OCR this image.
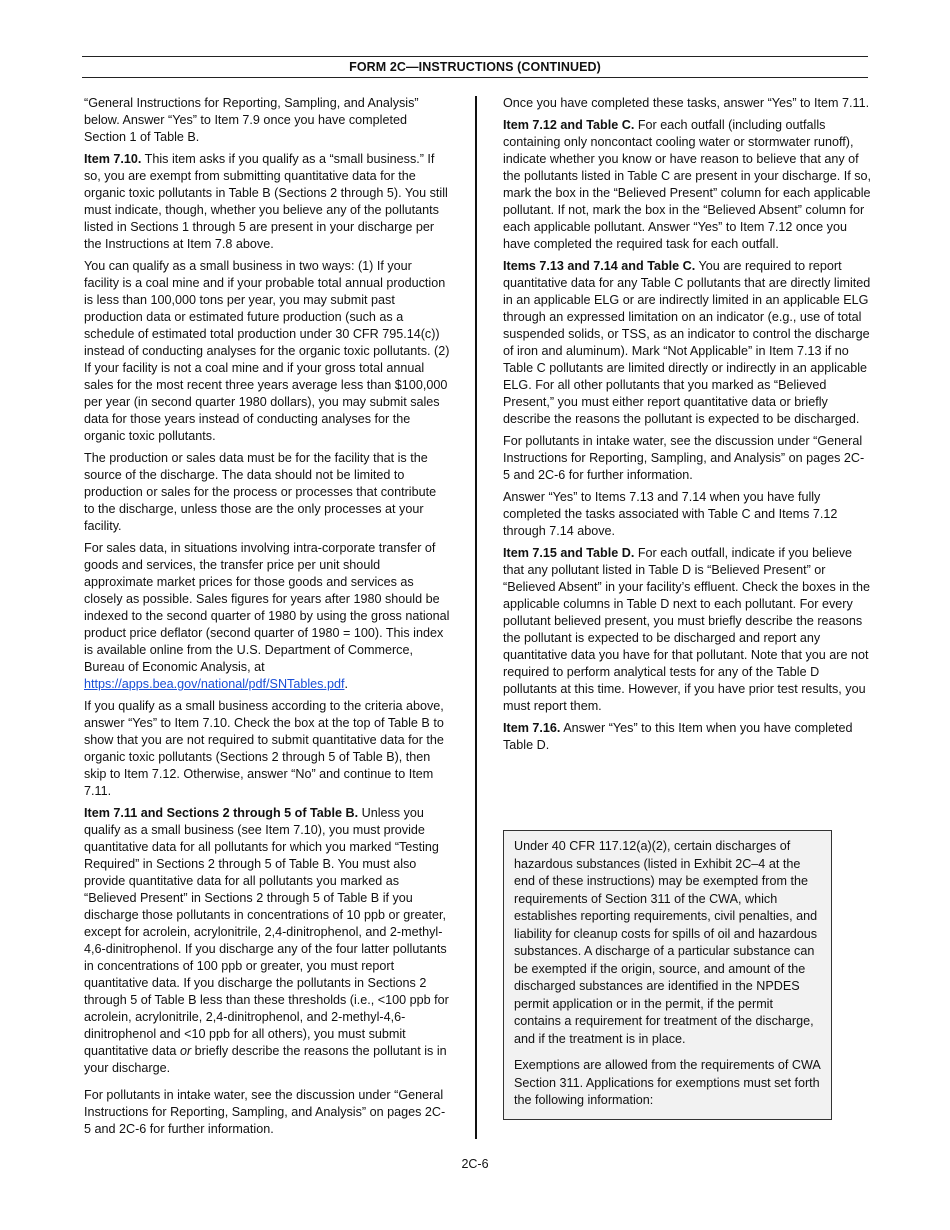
FORM 2C—INSTRUCTIONS (CONTINUED)

“General Instructions for Reporting, Sampling, and Analysis” below. Answer “Yes” to Item 7.9 once you have completed Section 1 of Table B.

Item 7.10. This item asks if you qualify as a “small business.” If so, you are exempt from submitting quantitative data for the organic toxic pollutants in Table B (Sections 2 through 5). You still must indicate, though, whether you believe any of the pollutants listed in Sections 1 through 5 are present in your discharge per the Instructions at Item 7.8 above.

You can qualify as a small business in two ways: (1) If your facility is a coal mine and if your probable total annual production is less than 100,000 tons per year, you may submit past production data or estimated future production (such as a schedule of estimated total production under 30 CFR 795.14(c)) instead of conducting analyses for the organic toxic pollutants. (2) If your facility is not a coal mine and if your gross total annual sales for the most recent three years average less than $100,000 per year (in second quarter 1980 dollars), you may submit sales data for those years instead of conducting analyses for the organic toxic pollutants.

The production or sales data must be for the facility that is the source of the discharge. The data should not be limited to production or sales for the process or processes that contribute to the discharge, unless those are the only processes at your facility.

For sales data, in situations involving intra-corporate transfer of goods and services, the transfer price per unit should approximate market prices for those goods and services as closely as possible. Sales figures for years after 1980 should be indexed to the second quarter of 1980 by using the gross national product price deflator (second quarter of 1980 = 100). This index is available online from the U.S. Department of Commerce, Bureau of Economic Analysis, at https://apps.bea.gov/national/pdf/SNTables.pdf.

If you qualify as a small business according to the criteria above, answer “Yes” to Item 7.10. Check the box at the top of Table B to show that you are not required to submit quantitative data for the organic toxic pollutants (Sections 2 through 5 of Table B), then skip to Item 7.12. Otherwise, answer “No” and continue to Item 7.11.

Item 7.11 and Sections 2 through 5 of Table B. Unless you qualify as a small business (see Item 7.10), you must provide quantitative data for all pollutants for which you marked “Testing Required” in Sections 2 through 5 of Table B. You must also provide quantitative data for all pollutants you marked as “Believed Present” in Sections 2 through 5 of Table B if you discharge those pollutants in concentrations of 10 ppb or greater, except for acrolein, acrylonitrile, 2,4-dinitrophenol, and 2-methyl-4,6-dinitrophenol. If you discharge any of the four latter pollutants in concentrations of 100 ppb or greater, you must report quantitative data. If you discharge the pollutants in Sections 2 through 5 of Table B less than these thresholds (i.e., <100 ppb for acrolein, acrylonitrile, 2,4-dinitrophenol, and 2-methyl-4,6-dinitrophenol and <10 ppb for all others), you must submit quantitative data or briefly describe the reasons the pollutant is in your discharge.

For pollutants in intake water, see the discussion under “General Instructions for Reporting, Sampling, and Analysis” on pages 2C-5 and 2C-6 for further information.

Once you have completed these tasks, answer “Yes” to Item 7.11.

Item 7.12 and Table C. For each outfall (including outfalls containing only noncontact cooling water or stormwater runoff), indicate whether you know or have reason to believe that any of the pollutants listed in Table C are present in your discharge. If so, mark the box in the “Believed Present” column for each applicable pollutant. If not, mark the box in the “Believed Absent” column for each applicable pollutant. Answer “Yes” to Item 7.12 once you have completed the required task for each outfall.

Items 7.13 and 7.14 and Table C. You are required to report quantitative data for any Table C pollutants that are directly limited in an applicable ELG or are indirectly limited in an applicable ELG through an expressed limitation on an indicator (e.g., use of total suspended solids, or TSS, as an indicator to control the discharge of iron and aluminum). Mark “Not Applicable” in Item 7.13 if no Table C pollutants are limited directly or indirectly in an applicable ELG. For all other pollutants that you marked as “Believed Present,” you must either report quantitative data or briefly describe the reasons the pollutant is expected to be discharged.

For pollutants in intake water, see the discussion under “General Instructions for Reporting, Sampling, and Analysis” on pages 2C-5 and 2C-6 for further information.

Answer “Yes” to Items 7.13 and 7.14 when you have fully completed the tasks associated with Table C and Items 7.12 through 7.14 above.

Item 7.15 and Table D. For each outfall, indicate if you believe that any pollutant listed in Table D is “Believed Present” or “Believed Absent” in your facility’s effluent. Check the boxes in the applicable columns in Table D next to each pollutant. For every pollutant believed present, you must briefly describe the reasons the pollutant is expected to be discharged and report any quantitative data you have for that pollutant. Note that you are not required to perform analytical tests for any of the Table D pollutants at this time. However, if you have prior test results, you must report them.

Item 7.16. Answer “Yes” to this Item when you have completed Table D.

Under 40 CFR 117.12(a)(2), certain discharges of hazardous substances (listed in Exhibit 2C–4 at the end of these instructions) may be exempted from the requirements of Section 311 of the CWA, which establishes reporting requirements, civil penalties, and liability for cleanup costs for spills of oil and hazardous substances. A discharge of a particular substance can be exempted if the origin, source, and amount of the discharged substances are identified in the NPDES permit application or in the permit, if the permit contains a requirement for treatment of the discharge, and if the treatment is in place.

Exemptions are allowed from the requirements of CWA Section 311. Applications for exemptions must set forth the following information:

2C-6
